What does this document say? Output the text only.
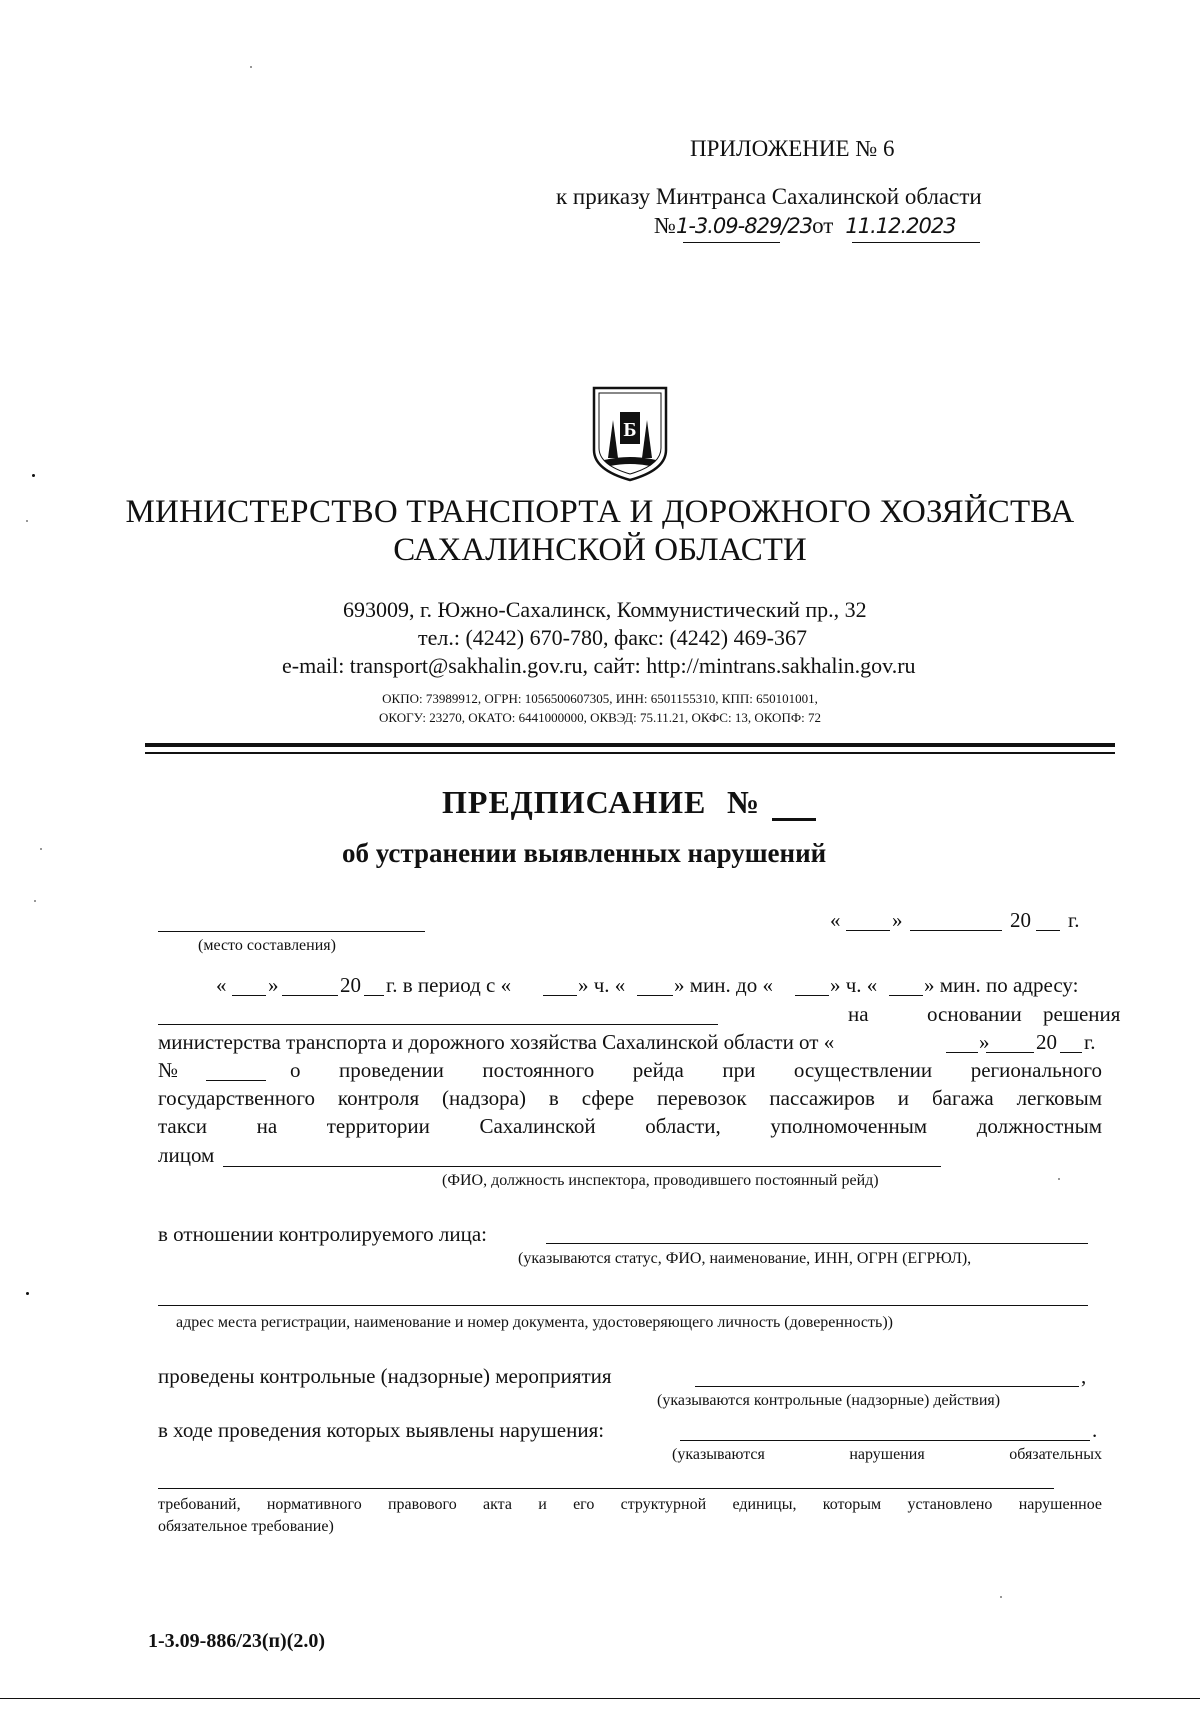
ПРИЛОЖЕНИЕ № 6
к приказу Минтранса Сахалинской области
№1-3.09-829/23от 11.12.2023
Б
МИНИСТЕРСТВО ТРАНСПОРТА И ДОРОЖНОГО ХОЗЯЙСТВА
САХАЛИНСКОЙ ОБЛАСТИ
693009, г. Южно-Сахалинск, Коммунистический пр., 32
тел.: (4242) 670-780, факс: (4242) 469-367
e-mail: transport@sakhalin.gov.ru, сайт: http://mintrans.sakhalin.gov.ru
ОКПО: 73989912, ОГРН: 1056500607305, ИНН: 6501155310, КПП: 650101001,
ОКОГУ: 23270, ОКАТО: 6441000000, ОКВЭД: 75.11.21, ОКФС: 13, ОКОПФ: 72
ПРЕДПИСАНИЕ №
об устранении выявленных нарушений
(место составления)
« »	20 г.
« »	20 г. в период с «	» ч. « » мин. до «	» ч. « » мин. по адресу:
на	основании решения
министерства транспорта и дорожного хозяйства Сахалинской области от «	» 20 г.
№	о проведении постоянного рейда при осуществлении регионального
государственного контроля (надзора) в сфере перевозок пассажиров и багажа легковым
такси на территории Сахалинской области, уполномоченным должностным
лицом
(ФИО, должность инспектора, проводившего постоянный рейд)
в отношении контролируемого лица:
(указываются статус, ФИО, наименование, ИНН, ОГРН (ЕГРЮЛ),
адрес места регистрации, наименование и номер документа, удостоверяющего личность (доверенность))
проведены контрольные (надзорные) мероприятия	,
(указываются контрольные (надзорные) действия)
в ходе проведения которых выявлены нарушения:	.
(указываются нарушения обязательных
требований, нормативного правового акта и его структурной единицы, которым установлено нарушенное
обязательное требование)
1-3.09-886/23(п)(2.0)
